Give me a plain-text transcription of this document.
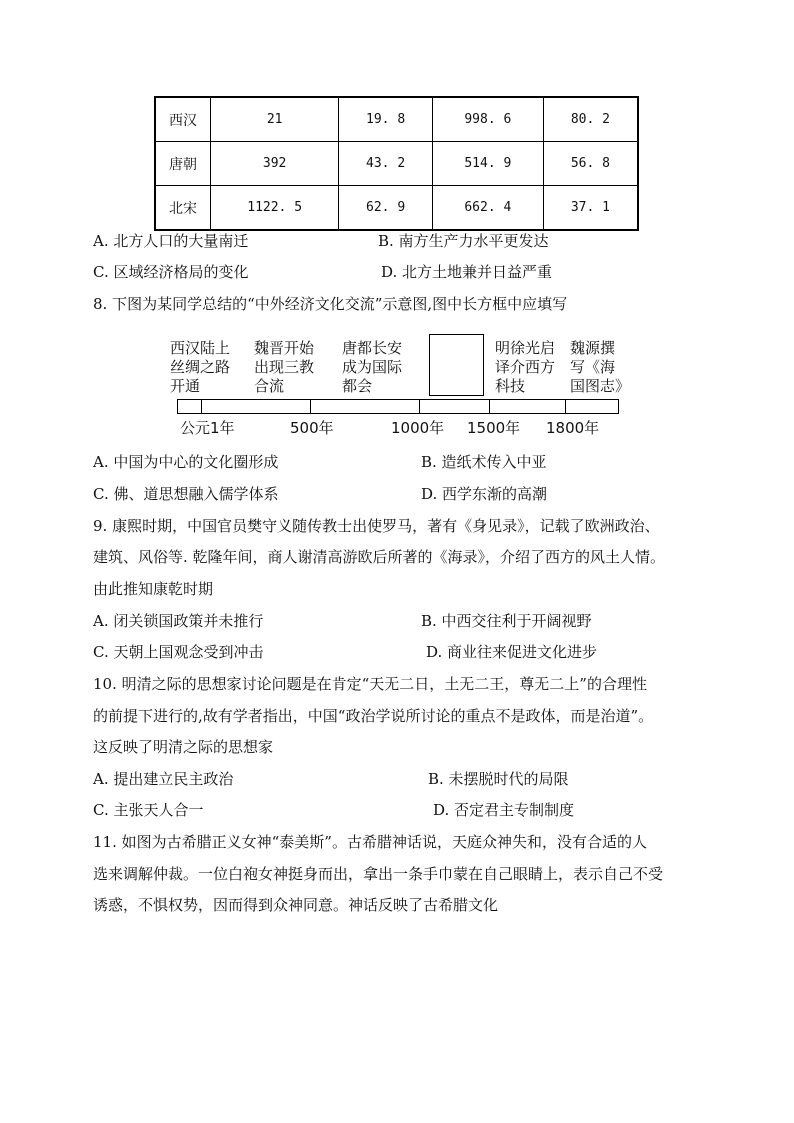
西汉	21	19. 8	998. 6	80. 2
唐朝	392	43. 2	514. 9	56. 8
北宋	1122. 5	62. 9	662. 4	37. 1
A. 北方人口的大量南迁	B. 南方生产力水平更发达
C. 区域经济格局的变化	D. 北方土地兼并日益严重
8. 下图为某同学总结的“中外经济文化交流”示意图,图中长方框中应填写
西汉陆上
丝绸之路
开通
魏晋开始
出现三教
合流
唐都长安
成为国际
都会
明徐光启
译介西方
科技
魏源撰
写《海
国图志》
公元1年	500年	1000年 1500年 1800年
A. 中国为中心的文化圈形成	B. 造纸术传入中亚
C. 佛、道思想融入儒学体系	D. 西学东渐的高潮
9. 康熙时期，中国官员樊守义随传教士出使罗马，著有《身见录》，记载了欧洲政治、
建筑、风俗等. 乾隆年间，商人谢清高游欧后所著的《海录》，介绍了西方的风土人情。
由此推知康乾时期
A. 闭关锁国政策并未推行	B. 中西交往利于开阔视野
C. 天朝上国观念受到冲击	D. 商业往来促进文化进步
10. 明清之际的思想家讨论问题是在肯定“天无二日，土无二王，尊无二上”的合理性
的前提下进行的,故有学者指出，中国“政治学说所讨论的重点不是政体，而是治道”。
这反映了明清之际的思想家
A. 提出建立民主政治	B. 未摆脱时代的局限
C. 主张天人合一	D. 否定君主专制制度
11. 如图为古希腊正义女神“泰美斯”。古希腊神话说，天庭众神失和，没有合适的人
选来调解仲裁。一位白袍女神挺身而出，拿出一条手巾蒙在自己眼睛上，表示自己不受
诱惑，不惧权势，因而得到众神同意。神话反映了古希腊文化
